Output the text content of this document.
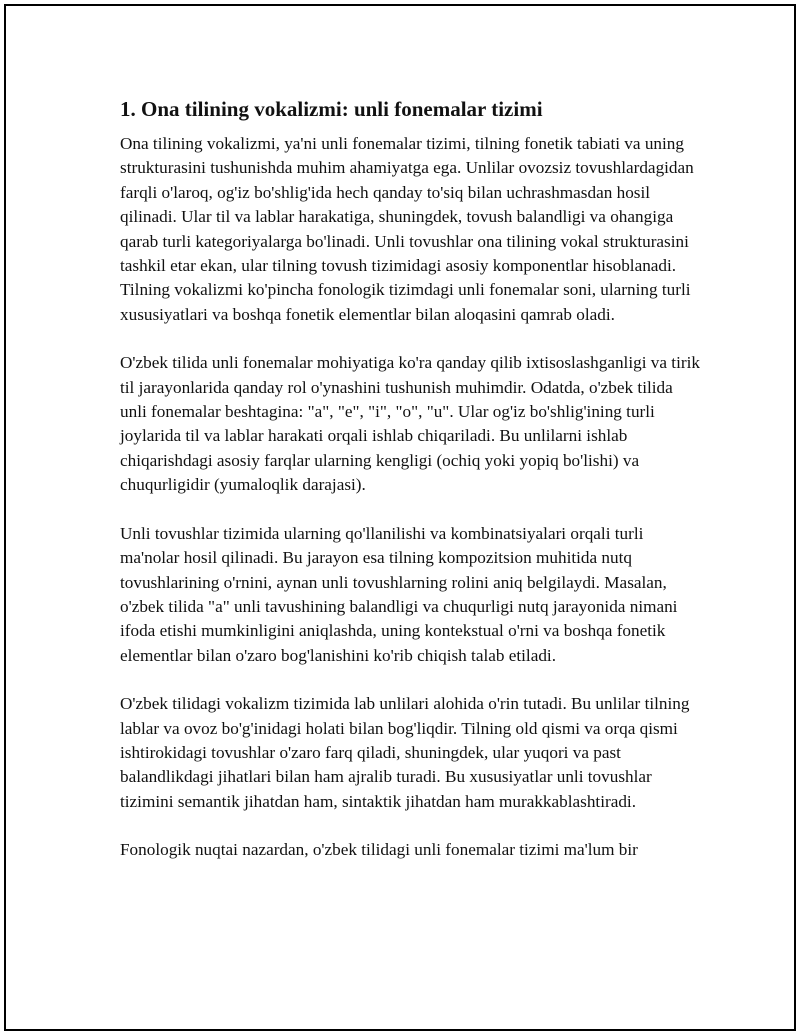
1. Ona tilining vokalizmi: unli fonemalar tizimi

Ona tilining vokalizmi, ya'ni unli fonemalar tizimi, tilning fonetik tabiati va uning strukturasini tushunishda muhim ahamiyatga ega. Unlilar ovozsiz tovushlardagidan farqli o'laroq, og'iz bo'shlig'ida hech qanday to'siq bilan uchrashmasdan hosil qilinadi. Ular til va lablar harakatiga, shuningdek, tovush balandligi va ohangiga qarab turli kategoriyalarga bo'linadi. Unli tovushlar ona tilining vokal strukturasini tashkil etar ekan, ular tilning tovush tizimidagi asosiy komponentlar hisoblanadi. Tilning vokalizmi ko'pincha fonologik tizimdagi unli fonemalar soni, ularning turli xususiyatlari va boshqa fonetik elementlar bilan aloqasini qamrab oladi.

O'zbek tilida unli fonemalar mohiyatiga ko'ra qanday qilib ixtisoslashganligi va tirik til jarayonlarida qanday rol o'ynashini tushunish muhimdir. Odatda, o'zbek tilida unli fonemalar beshtagina: "a", "e", "i", "o", "u". Ular og'iz bo'shlig'ining turli joylarida til va lablar harakati orqali ishlab chiqariladi. Bu unlilarni ishlab chiqarishdagi asosiy farqlar ularning kengligi (ochiq yoki yopiq bo'lishi) va chuqurligidir (yumaloqlik darajasi).

Unli tovushlar tizimida ularning qo'llanilishi va kombinatsiyalari orqali turli ma'nolar hosil qilinadi. Bu jarayon esa tilning kompozitsion muhitida nutq tovushlarining o'rnini, aynan unli tovushlarning rolini aniq belgilaydi. Masalan, o'zbek tilida "a" unli tavushining balandligi va chuqurligi nutq jarayonida nimani ifoda etishi mumkinligini aniqlashda, uning kontekstual o'rni va boshqa fonetik elementlar bilan o'zaro bog'lanishini ko'rib chiqish talab etiladi.

O'zbek tilidagi vokalizm tizimida lab unlilari alohida o'rin tutadi. Bu unlilar tilning lablar va ovoz bo'g'inidagi holati bilan bog'liqdir. Tilning old qismi va orqa qismi ishtirokidagi tovushlar o'zaro farq qiladi, shuningdek, ular yuqori va past balandlikdagi jihatlari bilan ham ajralib turadi. Bu xususiyatlar unli tovushlar tizimini semantik jihatdan ham, sintaktik jihatdan ham murakkablashtiradi.

Fonologik nuqtai nazardan, o'zbek tilidagi unli fonemalar tizimi ma'lum bir
